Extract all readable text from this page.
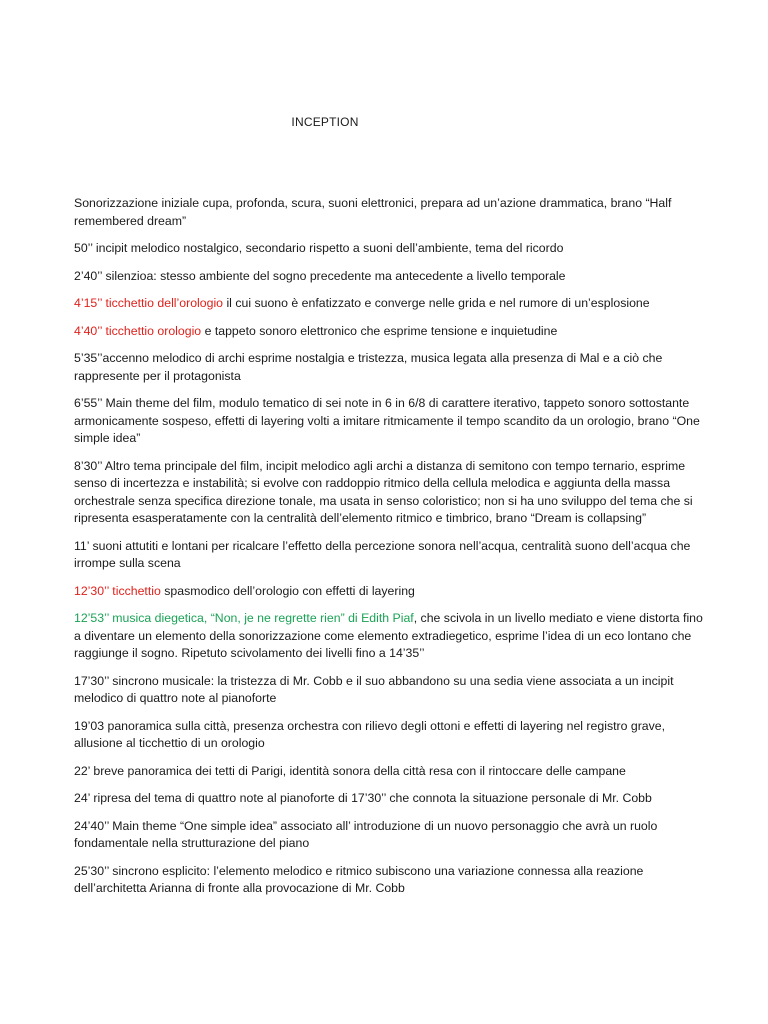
INCEPTION

Sonorizzazione iniziale cupa, profonda, scura, suoni elettronici, prepara ad un’azione drammatica, brano “Half remembered dream”

50’’ incipit melodico nostalgico, secondario rispetto a suoni dell’ambiente, tema del ricordo

2’40’’ silenzioa: stesso ambiente del sogno precedente ma antecedente a livello temporale

4’15’’ ticchettio dell’orologio il cui suono è enfatizzato e converge nelle grida e nel rumore di un’esplosione

4’40’’ ticchettio orologio e tappeto sonoro elettronico che esprime tensione e inquietudine

5’35’’accenno melodico di archi esprime nostalgia e tristezza, musica legata alla presenza di Mal e a ciò che rappresente per il protagonista

6’55’’ Main theme del film, modulo tematico di sei note in 6 in 6/8 di carattere iterativo, tappeto sonoro sottostante armonicamente sospeso, effetti di layering volti a imitare ritmicamente il tempo scandito da un orologio, brano “One simple idea”

8’30’’ Altro tema principale del film, incipit melodico agli archi a distanza di semitono con tempo ternario, esprime senso di incertezza e instabilità; si evolve con raddoppio ritmico della cellula melodica e aggiunta della massa orchestrale senza specifica direzione tonale, ma usata in senso coloristico; non si ha uno sviluppo del tema che si ripresenta esasperatamente con la centralità dell’elemento ritmico e timbrico, brano “Dream is collapsing”

11’ suoni attutiti e lontani per ricalcare l’effetto della percezione sonora nell’acqua, centralità suono dell’acqua che irrompe sulla scena

12’30’’ ticchettio spasmodico dell’orologio con effetti di layering

12’53’’ musica diegetica, “Non, je ne regrette rien” di Edith Piaf, che scivola in un livello mediato e viene distorta fino a diventare un elemento della sonorizzazione come elemento extradiegetico, esprime l’idea di un eco lontano che raggiunge il sogno. Ripetuto scivolamento dei livelli fino a 14’35’’

17’30’’ sincrono musicale: la tristezza di Mr. Cobb e il suo abbandono su una sedia viene associata a un incipit melodico di quattro note al pianoforte

19’03 panoramica sulla città, presenza orchestra con rilievo degli ottoni e effetti di layering nel registro grave, allusione al ticchettio di un orologio

22’ breve panoramica dei tetti di Parigi, identità sonora della città resa con il rintoccare delle campane

24’ ripresa del tema di quattro note al pianoforte di 17’30’’ che connota la situazione personale di Mr. Cobb

24’40’’ Main theme “One simple idea” associato all’ introduzione di un nuovo personaggio che avrà un ruolo fondamentale nella strutturazione del piano

25’30’’ sincrono esplicito: l’elemento melodico e ritmico subiscono una variazione connessa alla reazione dell’architetta Arianna di fronte alla provocazione di Mr. Cobb
